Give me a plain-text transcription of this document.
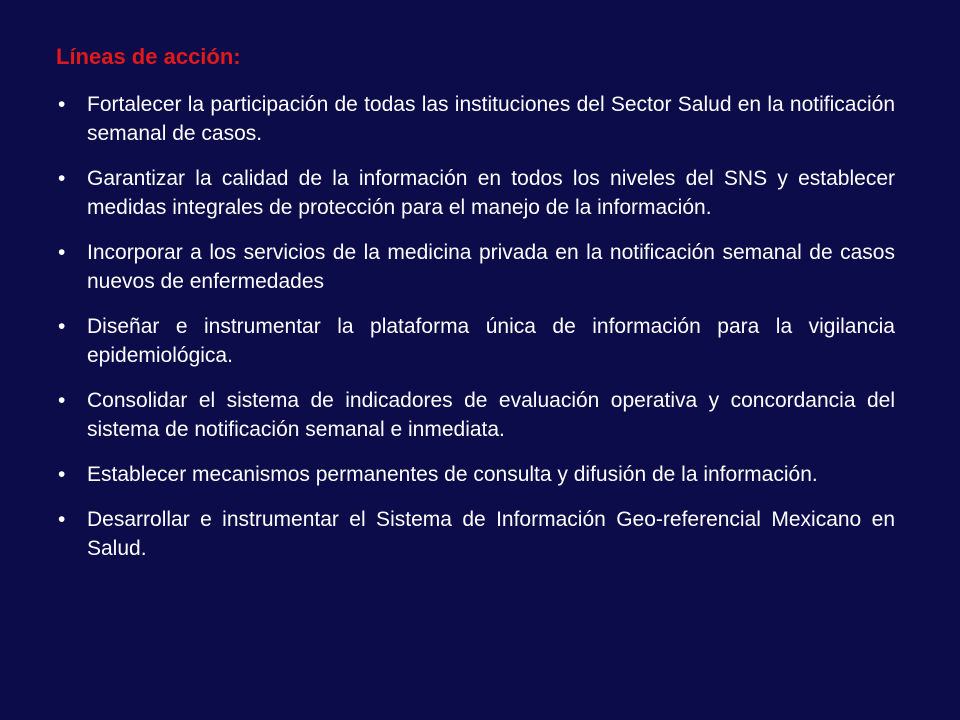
Líneas de acción:
• Fortalecer la participación de todas las instituciones del Sector Salud en la notificación semanal de casos.
• Garantizar la calidad de la información en todos los niveles del SNS y establecer medidas integrales de protección para el manejo de la información.
• Incorporar a los servicios de la medicina privada en la notificación semanal de casos nuevos de enfermedades
• Diseñar e instrumentar la plataforma única de información para la vigilancia epidemiológica.
• Consolidar el sistema de indicadores de evaluación operativa y concordancia del sistema de notificación semanal e inmediata.
• Establecer mecanismos permanentes de consulta y difusión de la información.
• Desarrollar e instrumentar el Sistema de Información Geo-referencial Mexicano en Salud.
